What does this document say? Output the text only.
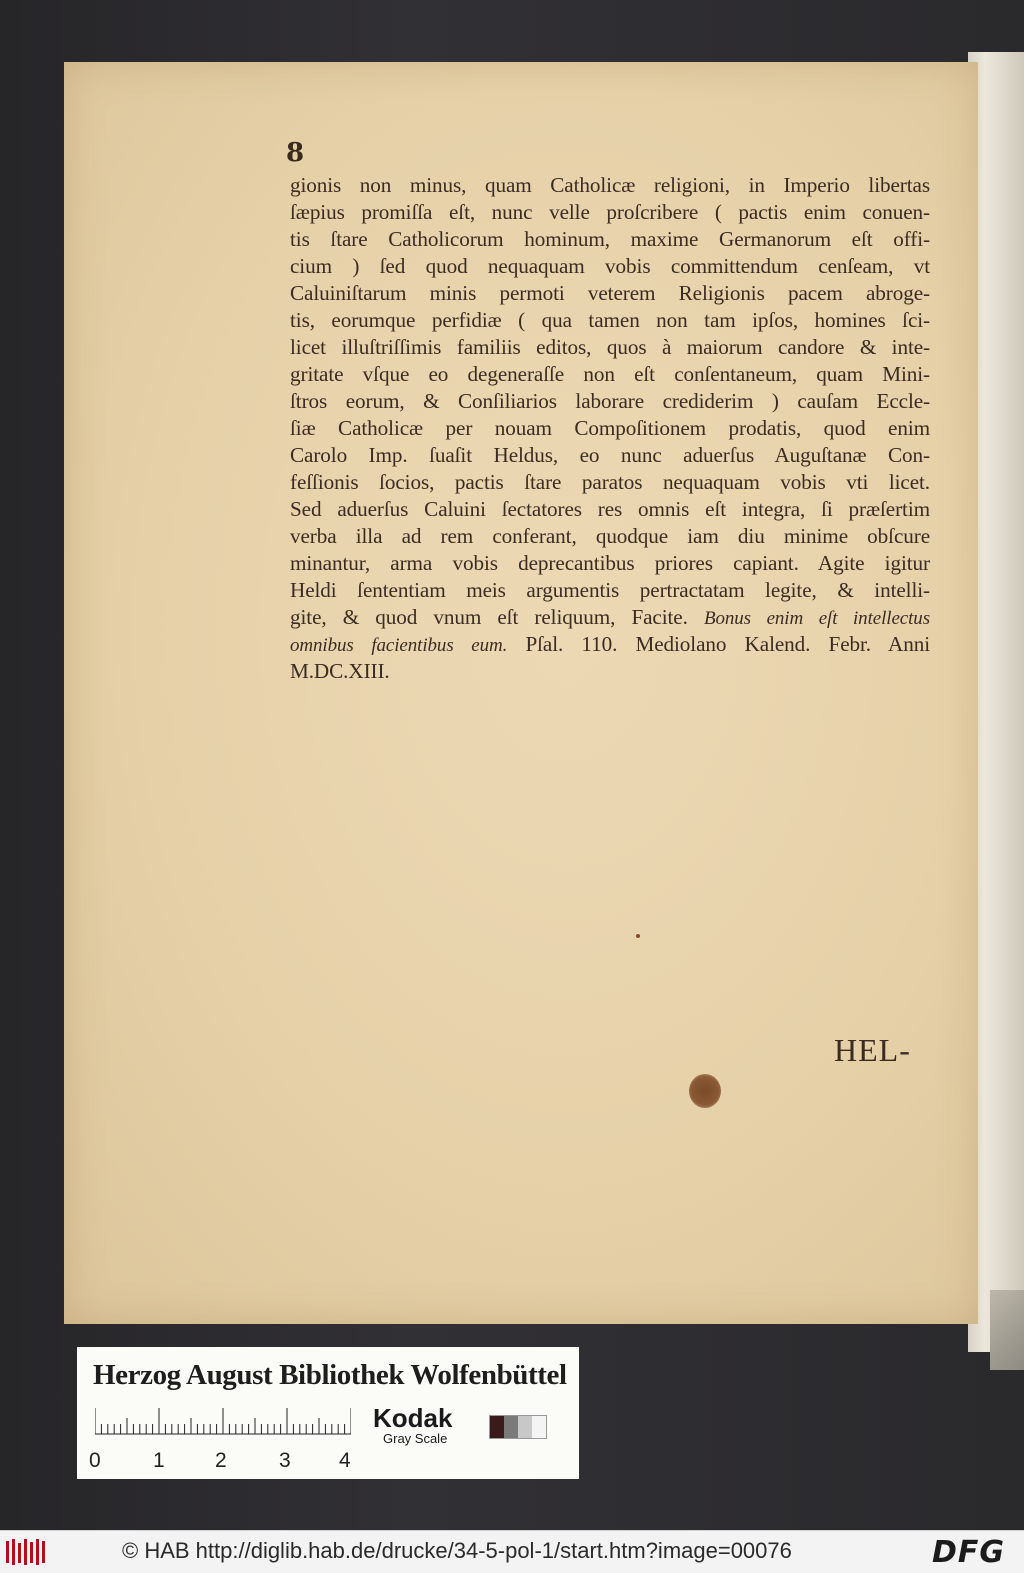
8
gionis non minus, quam Catholicæ religioni, in Imperio libertas
ſæpius promiſſa eſt, nunc velle proſcribere ( pactis enim conuen-
tis ſtare Catholicorum hominum, maxime Germanorum eſt offi-
cium ) ſed quod nequaquam vobis committendum cenſeam, vt
Caluiniſtarum minis permoti veterem Religionis pacem abroge-
tis, eorumque perfidiæ ( qua tamen non tam ipſos, homines ſci-
licet illuſtriſſimis familiis editos, quos à maiorum candore & inte-
gritate vſque eo degeneraſſe non eſt conſentaneum, quam Mini-
ſtros eorum, & Conſiliarios laborare crediderim ) cauſam Eccle-
ſiæ Catholicæ per nouam Compoſitionem prodatis, quod enim
Carolo Imp. ſuaſit Heldus, eo nunc aduerſus Auguſtanæ Con-
feſſionis ſocios, pactis ſtare paratos nequaquam vobis vti licet.
Sed aduerſus Caluini ſectatores res omnis eſt integra, ſi præſertim
verba illa ad rem conferant, quodque iam diu minime obſcure
minantur, arma vobis deprecantibus priores capiant. Agite igitur
Heldi ſententiam meis argumentis pertractatam legite, & intelli-
gite, & quod vnum eſt reliquum, Facite. Bonus enim eſt intellectus
omnibus facientibus eum. Pſal. 110. Mediolano Kalend. Febr. Anni
M.DC.XIII.
HEL-
Herzog August Bibliothek Wolfenbüttel
0 1 2 3 4
Kodak
Gray Scale
© HAB http://diglib.hab.de/drucke/34-5-pol-1/start.htm?image=00076	DFG
